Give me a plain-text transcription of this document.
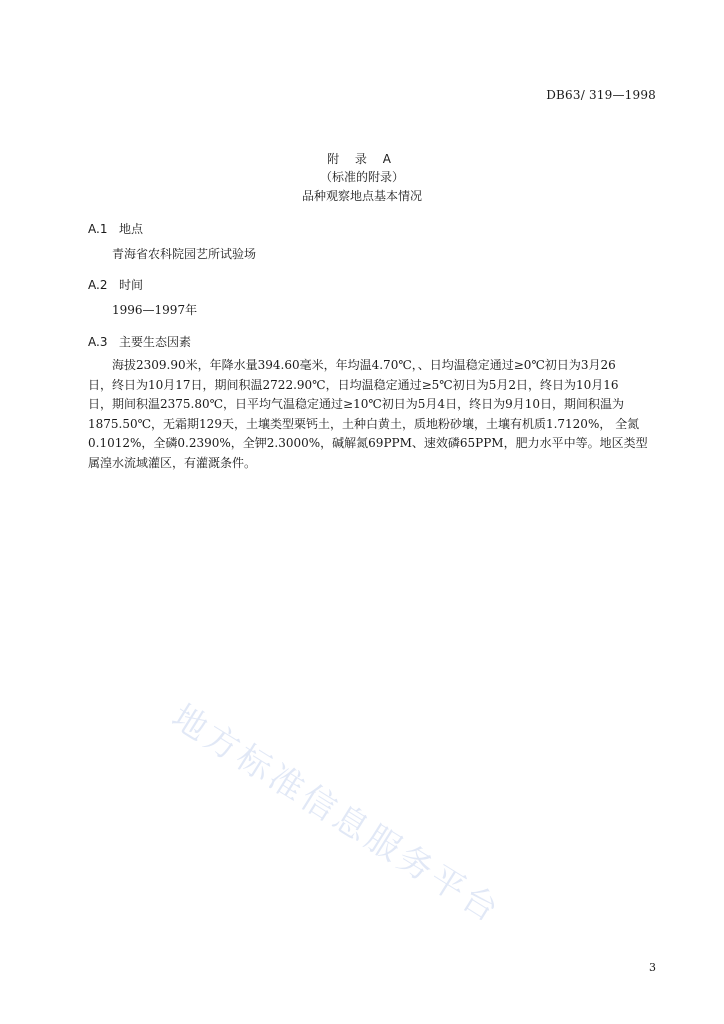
DB63/ 319—1998
附 录 A
（标准的附录）
品种观察地点基本情况
A.1 地点
青海省农科院园艺所试验场
A.2 时间
1996—1997年
A.3 主要生态因素

海拔2309.90米，年降水量394.60毫米，年均温4.70℃，、日均温稳定通过≥0℃初日为3月26

日，终日为10月17日，期间积温2722.90℃，日均温稳定通过≥5℃初日为5月2日，终日为10月16

日，期间积温2375.80℃，日平均气温稳定通过≥10℃初日为5月4日，终日为9月10日，期间积温为

1875.50℃，无霜期129天，土壤类型栗钙土，土种白黄土，质地粉砂壤，土壤有机质1.7120%， 全氮

0.1012%，全磷0.2390%，全钾2.3000%，碱解氮69PPM、速效磷65PPM，肥力水平中等。地区类型

属湟水流域灌区，有灌溉条件。

地方标准信息服务平台
3
